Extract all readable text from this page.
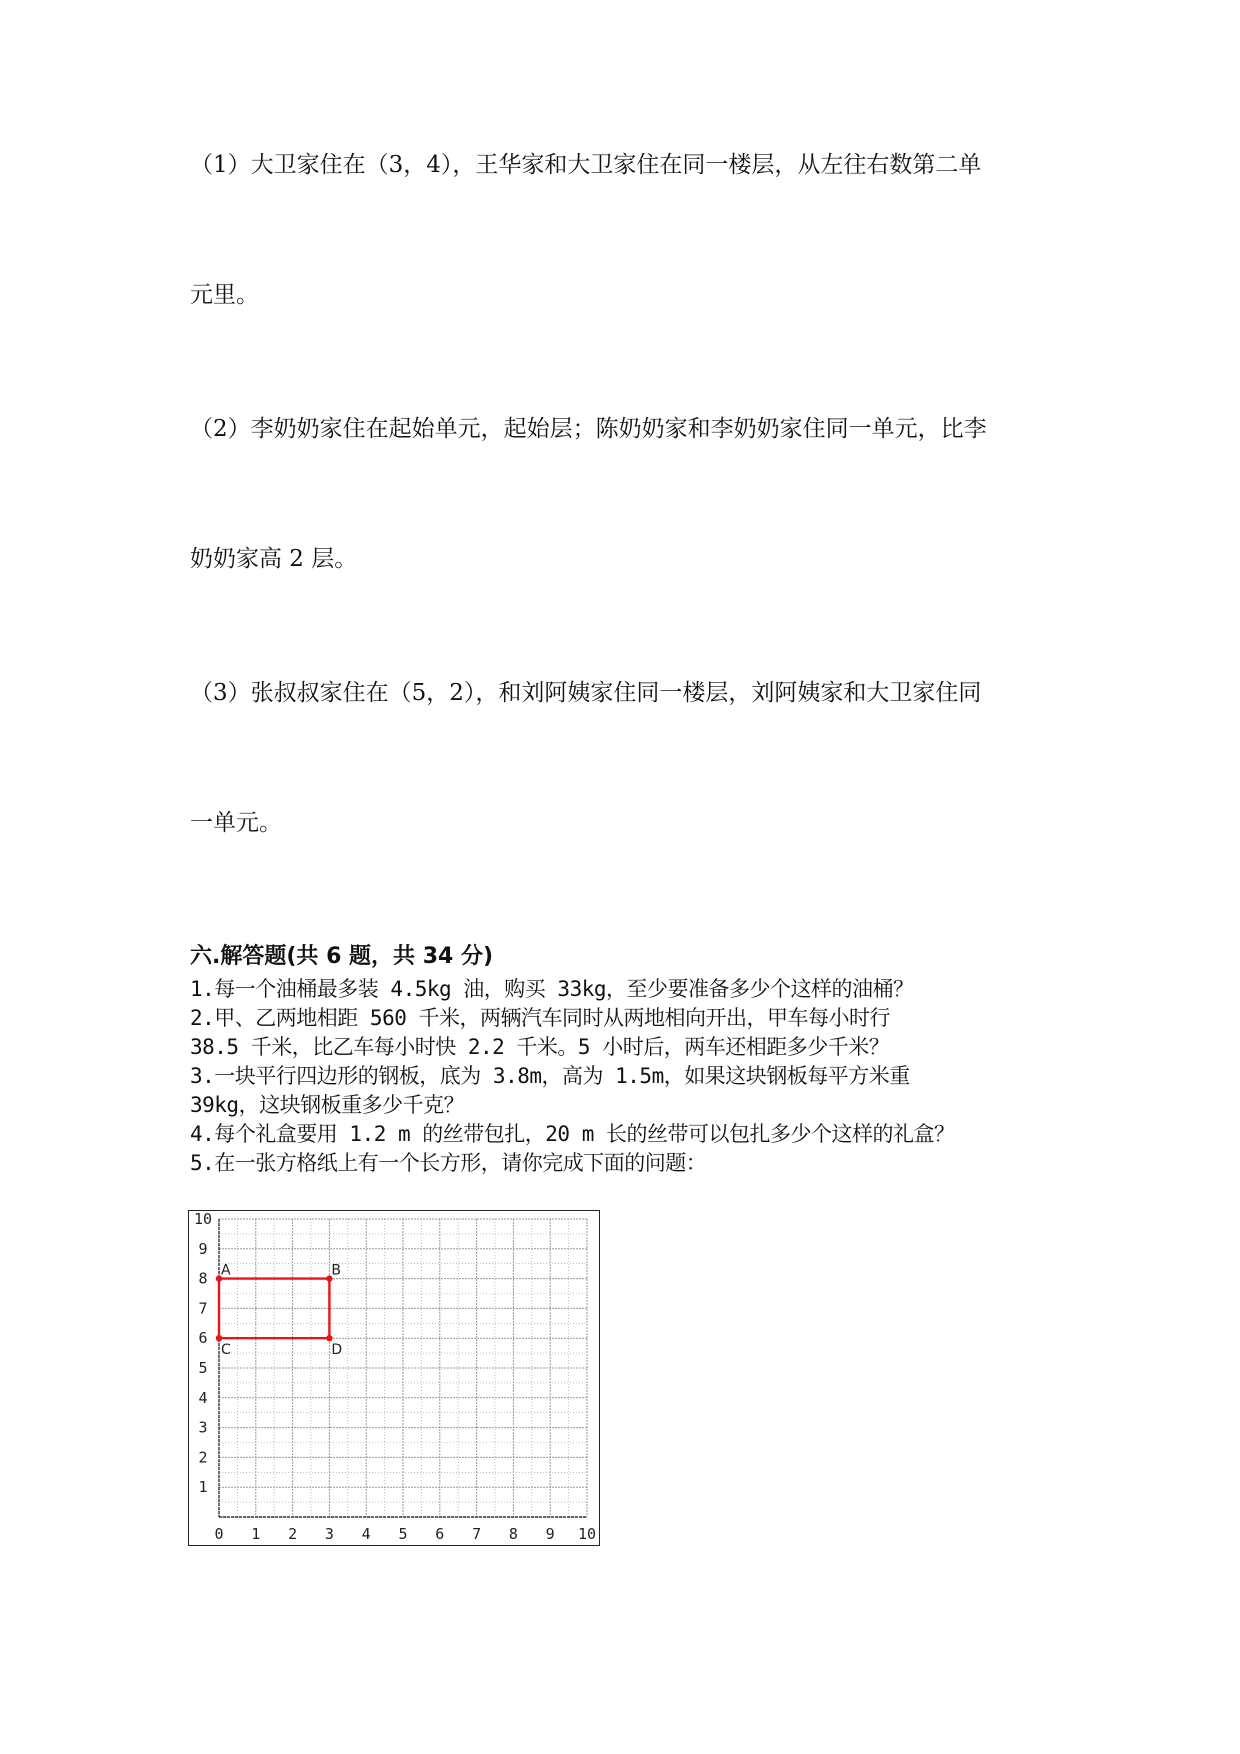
（1）大卫家住在（3，4），王华家和大卫家住在同一楼层，从左往右数第二单
元里。
（2）李奶奶家住在起始单元，起始层；陈奶奶家和李奶奶家住同一单元，比李
奶奶家高 2 层。
（3）张叔叔家住在（5，2），和刘阿姨家住同一楼层，刘阿姨家和大卫家住同
一单元。
六.解答题(共 6 题，共 34 分)
1.每一个油桶最多装 4.5kg 油，购买 33kg，至少要准备多少个这样的油桶？
2.甲、乙两地相距 560 千米，两辆汽车同时从两地相向开出，甲车每小时行
38.5 千米，比乙车每小时快 2.2 千米。5 小时后，两车还相距多少千米？
3.一块平行四边形的钢板，底为 3.8m，高为 1.5m，如果这块钢板每平方米重
39kg，这块钢板重多少千克？
4.每个礼盒要用 1.2 m 的丝带包扎，20 m 长的丝带可以包扎多少个这样的礼盒？
5.在一张方格纸上有一个长方形，请你完成下面的问题：
0 1 2 3 4 5 6 7 8 9 10
1
2
3
4
5
6
7
8
9
10
A	B
C	D
